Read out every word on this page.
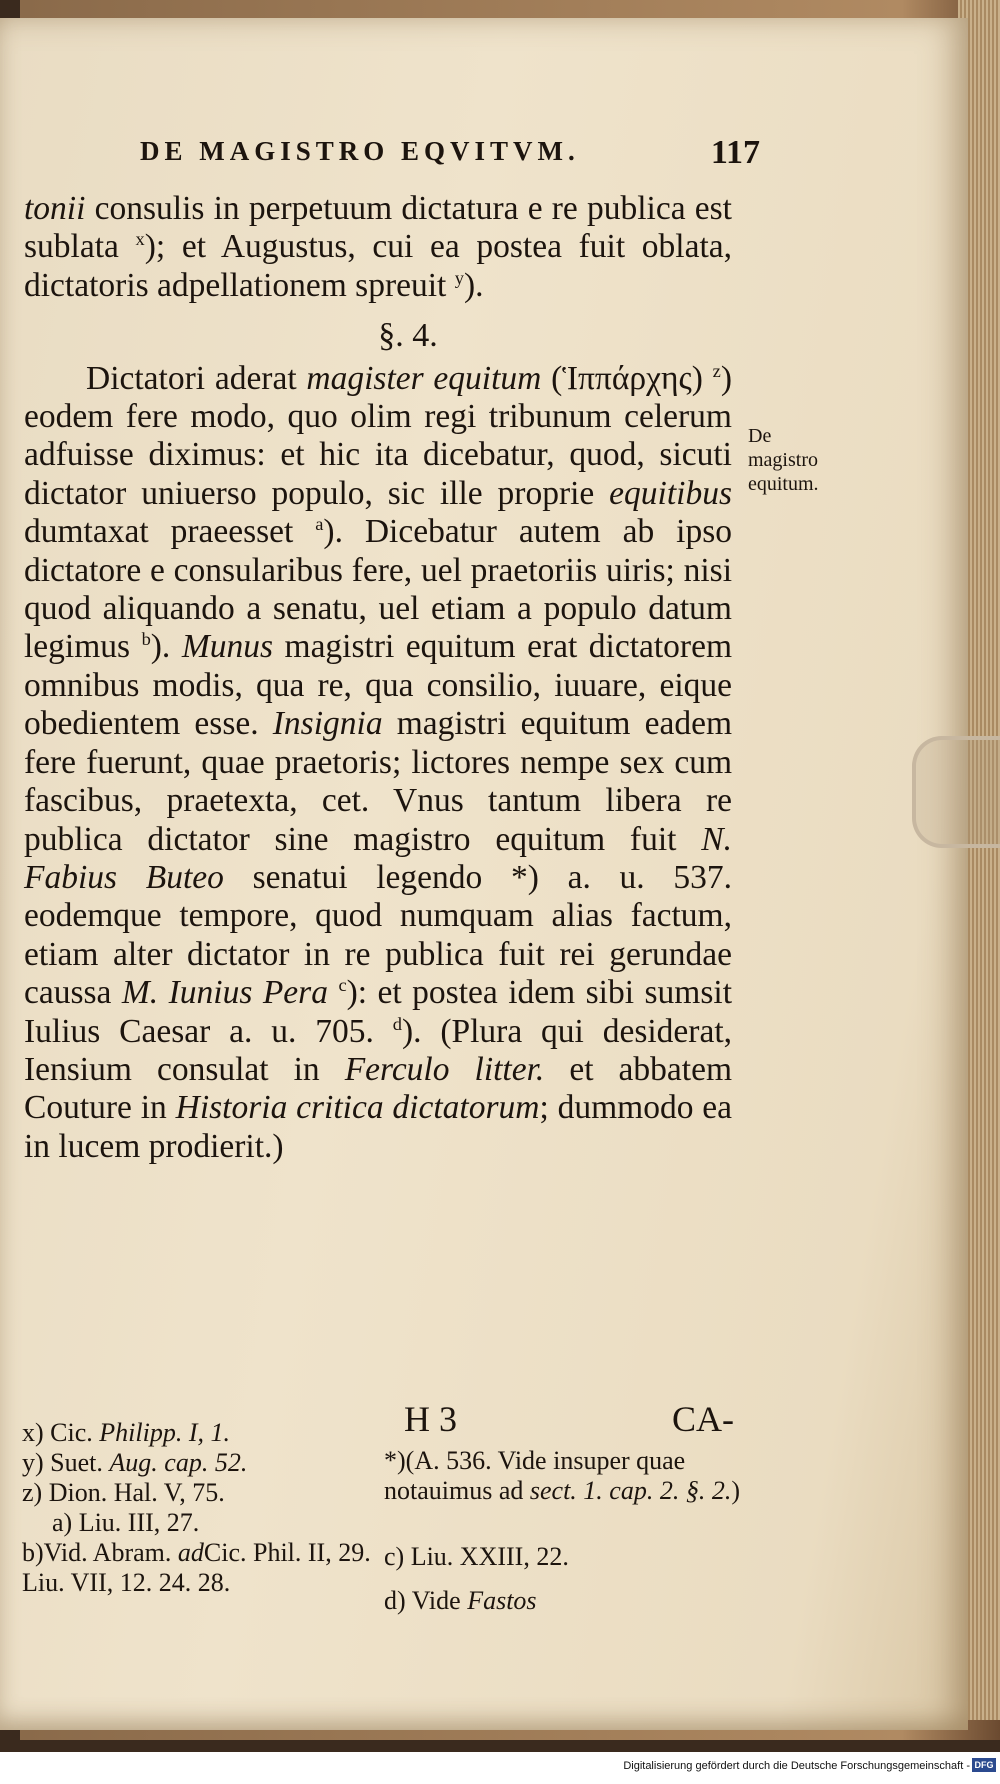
DE MAGISTRO EQVITVM.	117

tonii consulis in perpetuum dictatura e re publica est sublata $^x$); et Augustus, cui ea postea fuit oblata, dictatoris adpellationem spreuit $^y$).

§. 4.

Dictatori aderat magister equitum (Ἱππάρχης) $^z$) eodem fere modo, quo olim regi tribunum celerum adfuisse diximus: et hic ita dicebatur, quod, sicuti dictator uniuerso populo, sic ille proprie equitibus dumtaxat praeesset $^a$). Dicebatur autem ab ipso dictatore e consularibus fere, uel praetoriis uiris; nisi quod aliquando a senatu, uel etiam a populo datum legimus $^b$). Munus magistri equitum erat dictatorem omnibus modis, qua re, qua consilio, iuuare, eique obedientem esse. Insignia magistri equitum eadem fere fuerunt, quae praetoris; lictores nempe sex cum fascibus, praetexta, cet. Vnus tantum libera re publica dictator sine magistro equitum fuit N. Fabius Buteo senatui legendo *) a. u. 537. eodemque tempore, quod numquam alias factum, etiam alter dictator in re publica fuit rei gerundae caussa M. Iunius Pera $^c$): et postea idem sibi sumsit Iulius Caesar a. u. 705. $^d$). (Plura qui desiderat, Iensium consulat in Ferculo litter. et abbatem Couture in Historia critica dictatorum; dummodo ea in lucem prodierit.)

De magistro equitum.
H 3	CA-

x) Cic. Philipp. I, 1.

y) Suet. Aug. cap. 52.

z) Dion. Hal. V, 75.

a) Liu. III, 27.

b)Vid. Abram. adCic. Phil. II, 29. Liu. VII, 12. 24. 28.

*)(A. 536. Vide insuper quae notauimus ad sect. 1. cap. 2. §. 2.)

c) Liu. XXIII, 22.

d) Vide Fastos

Digitalisierung gefördert durch die Deutsche Forschungsgemeinschaft - DFG
